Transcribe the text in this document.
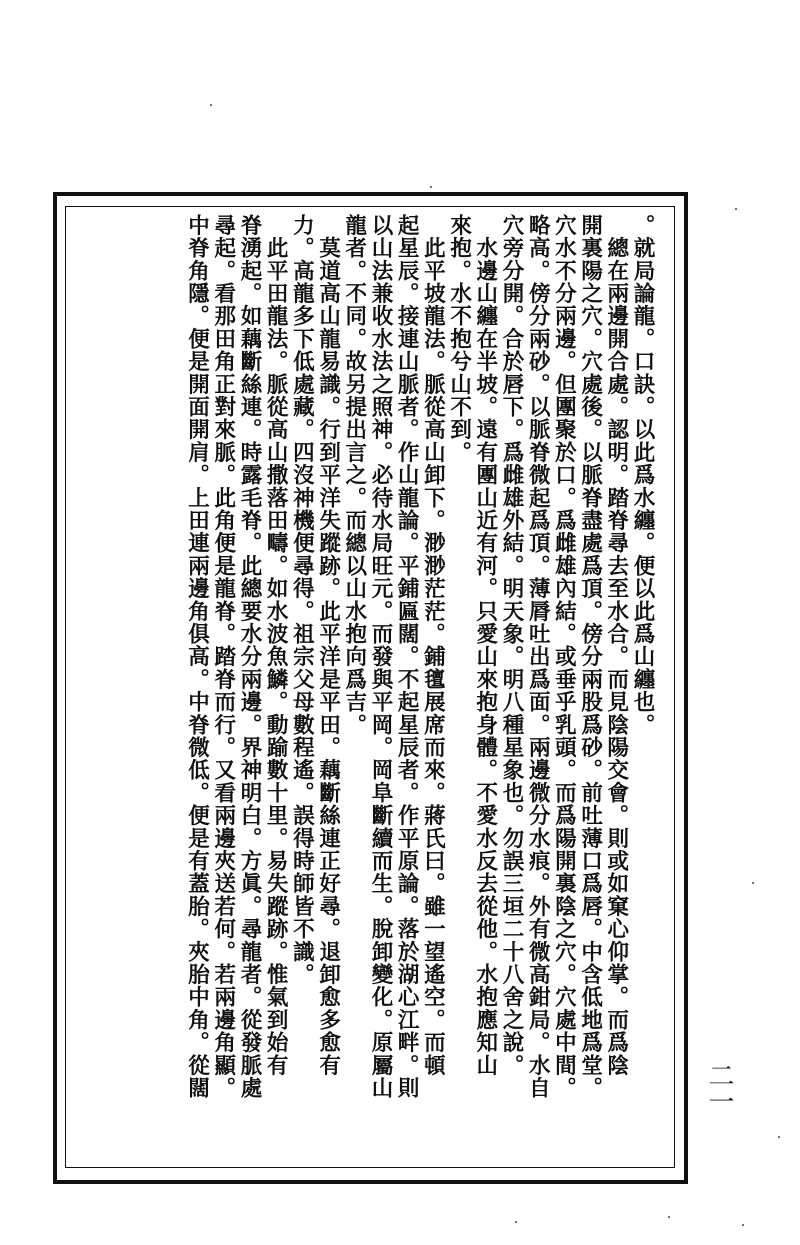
。就局論龍。口訣。以此爲水纏。便以此爲山纏也。
　總在兩邊開合處。認明。踏脊尋去至水合。而見陰陽交會。則或如窠心仰掌。而爲陰
開裏陽之穴。穴處後。以脈脊盡處爲頂。傍分兩股爲砂。前吐薄口爲唇。中含低地爲堂。
穴水不分兩邊。但團聚於口。爲雌雄內結。或垂乎乳頭。而爲陽開裏陰之穴。穴處中間。
略高。傍分兩砂。以脈脊微起爲頂。薄脣吐出爲面。兩邊微分水痕。外有微高鉗局。水自
穴旁分開。合於唇下。爲雌雄外結。明天象。明八種星象也。勿誤三垣二十八舍之說。
　水邊山纏在半坡。遠有團山近有河。只愛山來抱身體。不愛水反去從他。水抱應知山
來抱。水不抱兮山不到。
　此平坡龍法。脈從高山卸下。渺渺茫茫。鋪氊展席而來。蔣氏曰。雖一望遙空。而頓
起星辰。接連山脈者。作山龍論。平鋪匾闊。不起星辰者。作平原論。落於湖心江畔。則
以山法兼收水法之照神。必待水局旺元。而發與平岡。岡阜斷續而生。脫卸變化。原屬山
龍者。不同。故另提出言之。而總以山水抱向爲吉。
　莫道高山龍易識。行到平洋失蹤跡。此平洋是平田。藕斷絲連正好尋。退卸愈多愈有
力。高龍多下低處藏。四沒神機便尋得。祖宗父母數程遙。誤得時師皆不識。
　此平田龍法。脈從高山撒落田疇。如水波魚鱗。動踰數十里。易失蹤跡。惟氣到始有
脊湧起。如藕斷絲連。時露毛脊。此總要水分兩邊。界神明白。方眞。尋龍者。從發脈處
尋起。看那田角正對來脈。此角便是龍脊。踏脊而行。又看兩邊夾送若何。若兩邊角顯。
中脊角隱。便是開面開肩。上田連兩邊角俱高。中脊微低。便是有蓋胎。夾胎中角。從闊	二一
